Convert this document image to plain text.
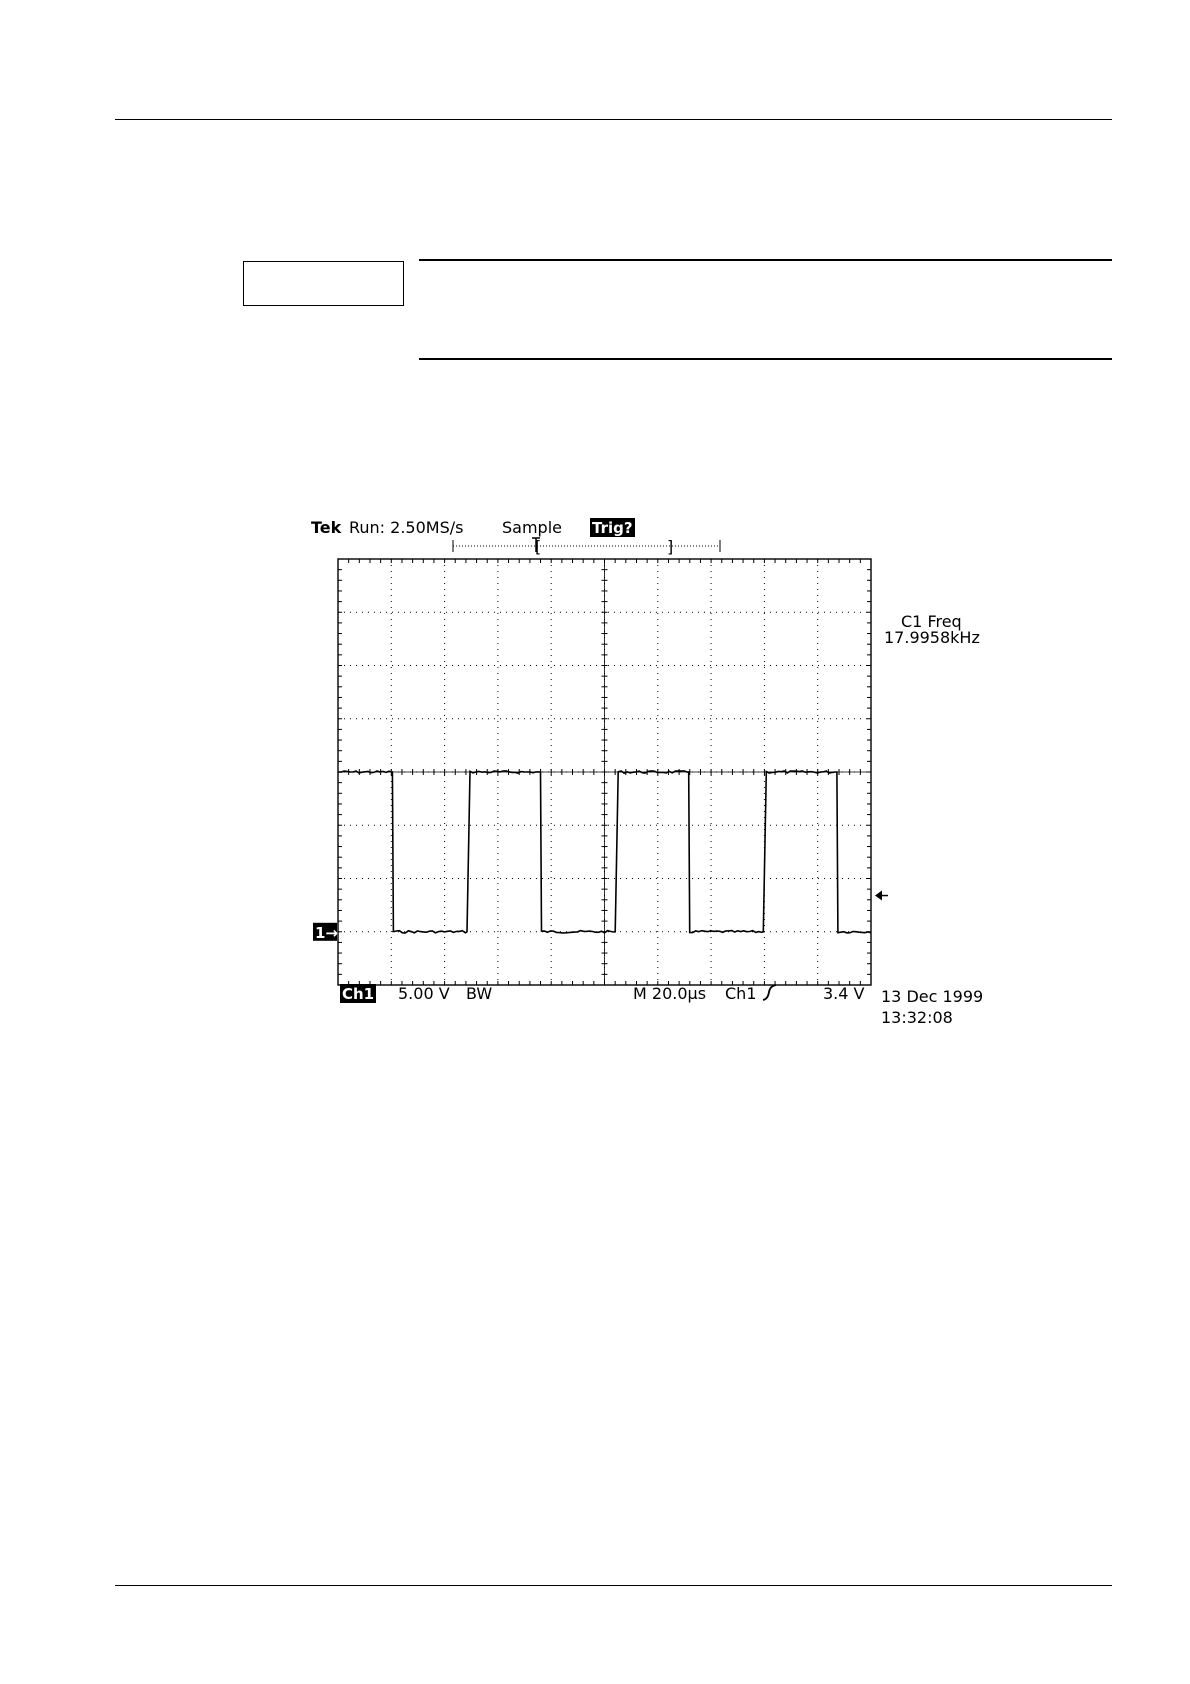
Tek Run: 2.50MS/s Sample Trig?
[	]
1→
C1 Freq
17.9958kHz
Ch1 5.00 V BW	M 20.0µs Ch1	3.4 V 13 Dec 1999
13:32:08
